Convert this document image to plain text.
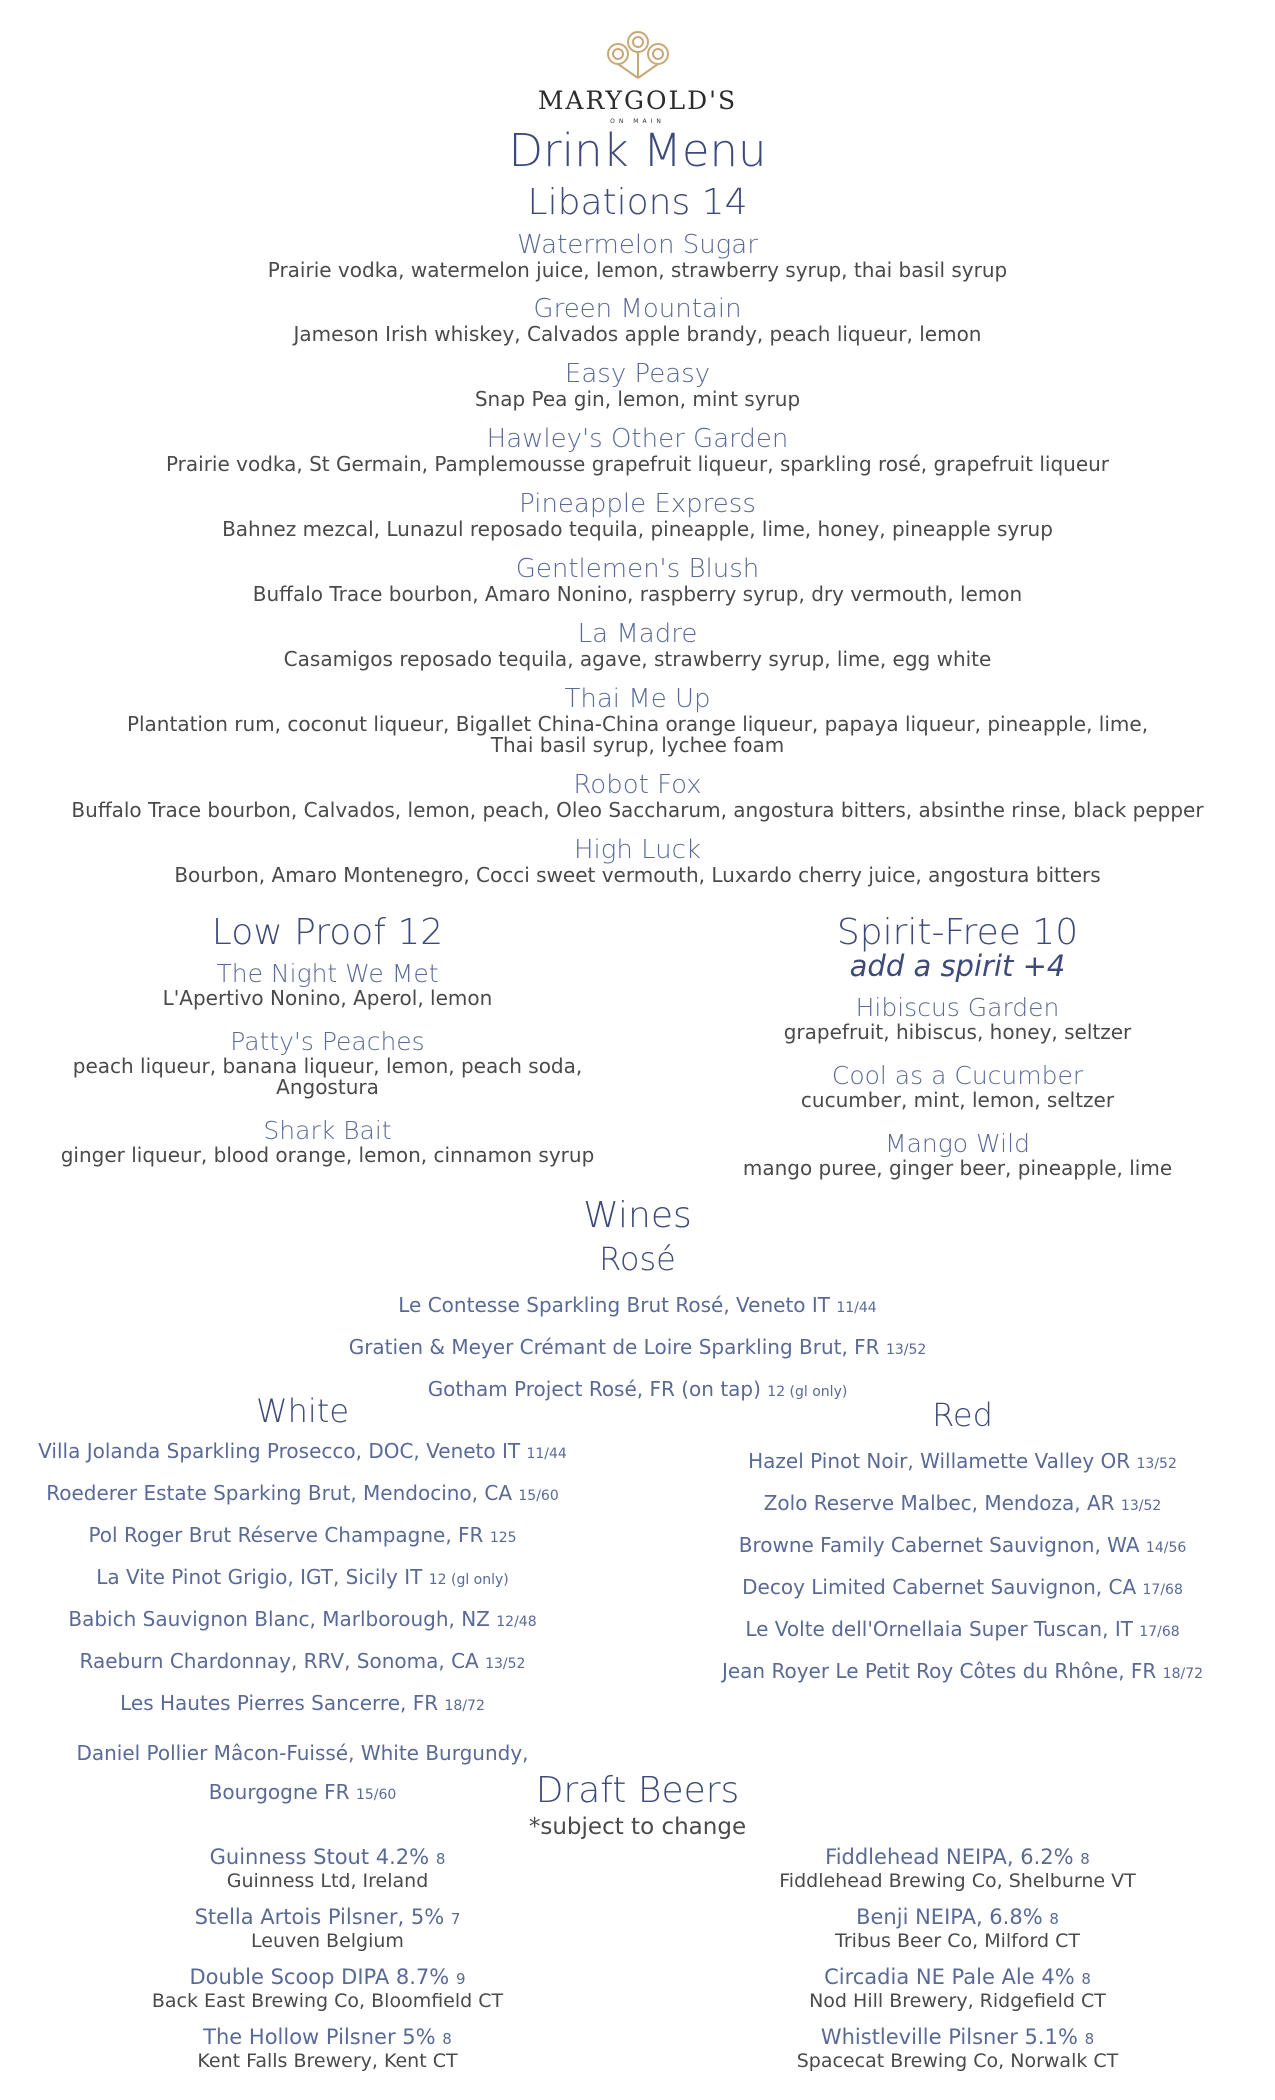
MARYGOLD'S
ON MAIN
Drink Menu
Libations 14
Watermelon Sugar
Prairie vodka, watermelon juice, lemon, strawberry syrup, thai basil syrup
Green Mountain
Jameson Irish whiskey, Calvados apple brandy, peach liqueur, lemon
Easy Peasy
Snap Pea gin, lemon, mint syrup
Hawley's Other Garden
Prairie vodka, St Germain, Pamplemousse grapefruit liqueur, sparkling rosé, grapefruit liqueur
Pineapple Express
Bahnez mezcal, Lunazul reposado tequila, pineapple, lime, honey, pineapple syrup
Gentlemen's Blush
Buffalo Trace bourbon, Amaro Nonino, raspberry syrup, dry vermouth, lemon
La Madre
Casamigos reposado tequila, agave, strawberry syrup, lime, egg white
Thai Me Up
Plantation rum, coconut liqueur, Bigallet China-China orange liqueur, papaya liqueur, pineapple, lime,
Thai basil syrup, lychee foam
Robot Fox
Buffalo Trace bourbon, Calvados, lemon, peach, Oleo Saccharum, angostura bitters, absinthe rinse, black pepper
High Luck
Bourbon, Amaro Montenegro, Cocci sweet vermouth, Luxardo cherry juice, angostura bitters
Low Proof 12
The Night We Met
L'Apertivo Nonino, Aperol, lemon
Patty's Peaches
peach liqueur, banana liqueur, lemon, peach soda,
Angostura
Shark Bait
ginger liqueur, blood orange, lemon, cinnamon syrup
Spirit-Free 10
add a spirit +4
Hibiscus Garden
grapefruit, hibiscus, honey, seltzer
Cool as a Cucumber
cucumber, mint, lemon, seltzer
Mango Wild
mango puree, ginger beer, pineapple, lime
Wines
Rosé
Le Contesse Sparkling Brut Rosé, Veneto IT 11/44
Gratien & Meyer Crémant de Loire Sparkling Brut, FR 13/52
Gotham Project Rosé, FR (on tap) 12 (gl only)
White
Villa Jolanda Sparkling Prosecco, DOC, Veneto IT 11/44
Roederer Estate Sparking Brut, Mendocino, CA 15/60
Pol Roger Brut Réserve Champagne, FR 125
La Vite Pinot Grigio, IGT, Sicily IT 12 (gl only)
Babich Sauvignon Blanc, Marlborough, NZ 12/48
Raeburn Chardonnay, RRV, Sonoma, CA 13/52
Les Hautes Pierres Sancerre, FR 18/72
Daniel Pollier Mâcon-Fuissé, White Burgundy,
Bourgogne FR 15/60
Red
Hazel Pinot Noir, Willamette Valley OR 13/52
Zolo Reserve Malbec, Mendoza, AR 13/52
Browne Family Cabernet Sauvignon, WA 14/56
Decoy Limited Cabernet Sauvignon, CA 17/68
Le Volte dell'Ornellaia Super Tuscan, IT 17/68
Jean Royer Le Petit Roy Côtes du Rhône, FR 18/72
Draft Beers
*subject to change
Guinness Stout 4.2% 8
Guinness Ltd, Ireland
Stella Artois Pilsner, 5% 7
Leuven Belgium
Double Scoop DIPA 8.7% 9
Back East Brewing Co, Bloomfield CT
The Hollow Pilsner 5% 8
Kent Falls Brewery, Kent CT
Fiddlehead NEIPA, 6.2% 8
Fiddlehead Brewing Co, Shelburne VT
Benji NEIPA, 6.8% 8
Tribus Beer Co, Milford CT
Circadia NE Pale Ale 4% 8
Nod Hill Brewery, Ridgefield CT
Whistleville Pilsner 5.1% 8
Spacecat Brewing Co, Norwalk CT
